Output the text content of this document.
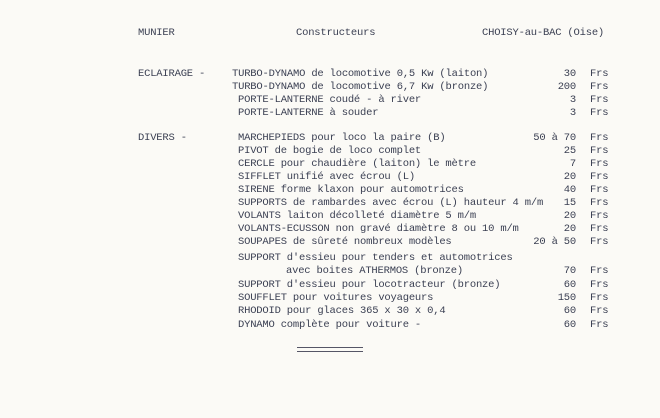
MUNIER	Constructeurs	CHOISY-au-BAC (Oise)
ECLAIRAGE -	TURBO-DYNAMO de locomotive 0,5 Kw (laiton)	30 Frs
TURBO-DYNAMO de locomotive 6,7 Kw (bronze)	200 Frs
PORTE-LANTERNE coudé - à river	3 Frs
PORTE-LANTERNE à souder	3 Frs
DIVERS -	MARCHEPIEDS pour loco la paire (B)	50 à 70 Frs
PIVOT de bogie de loco complet	25 Frs
CERCLE pour chaudière (laiton) le mètre	7 Frs
SIFFLET unifié avec écrou (L)	20 Frs
SIRENE forme klaxon pour automotrices	40 Frs
SUPPORTS de rambardes avec écrou (L) hauteur 4 m/m	15 Frs
VOLANTS laiton décolleté diamètre 5 m/m	20 Frs
VOLANTS-ECUSSON non gravé diamètre 8 ou 10 m/m	20 Frs
SOUPAPES de sûreté nombreux modèles	20 à 50 Frs
SUPPORT d'essieu pour tenders et automotrices
avec boites ATHERMOS (bronze)	70 Frs
SUPPORT d'essieu pour locotracteur (bronze)	60 Frs
SOUFFLET pour voitures voyageurs	150 Frs
RHODOID pour glaces 365 x 30 x 0,4	60 Frs
DYNAMO complète pour voiture -	60 Frs
